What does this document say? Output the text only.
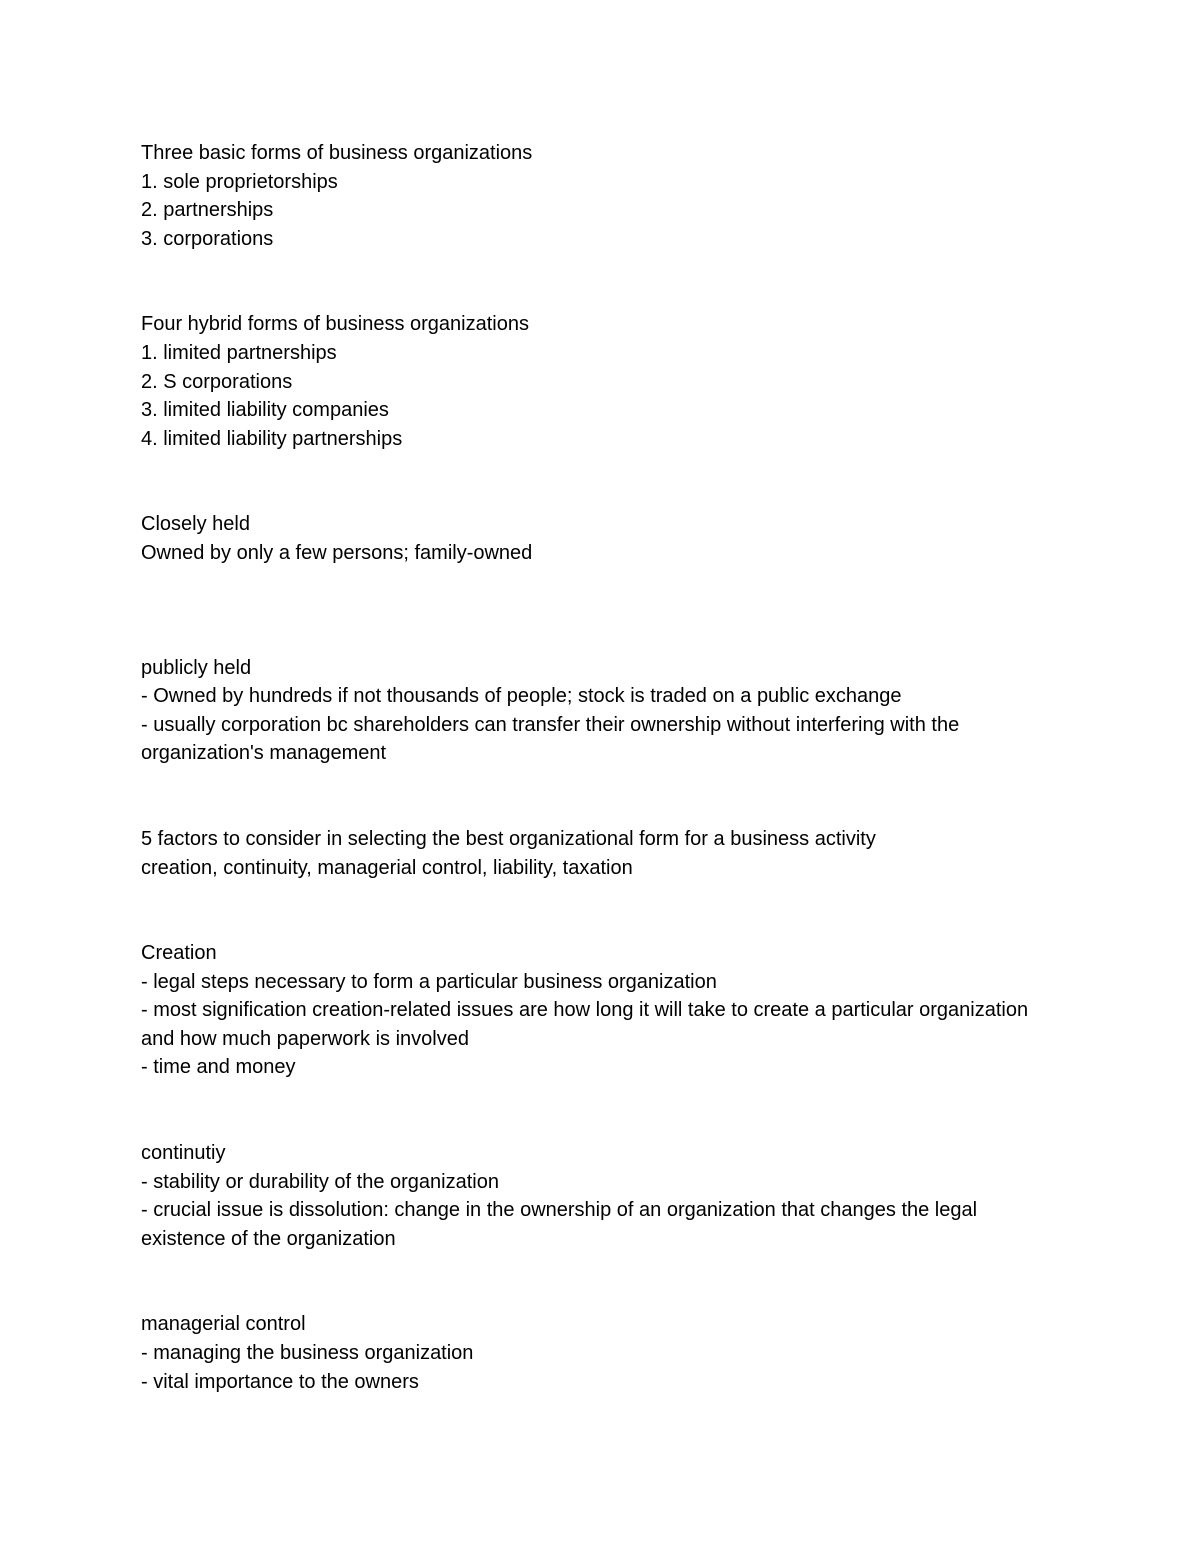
Three basic forms of business organizations
1. sole proprietorships
2. partnerships
3. corporations
Four hybrid forms of business organizations
1. limited partnerships
2. S corporations
3. limited liability companies
4. limited liability partnerships
Closely held
Owned by only a few persons; family-owned
publicly held
- Owned by hundreds if not thousands of people; stock is traded on a public exchange
- usually corporation bc shareholders can transfer their ownership without interfering with the organization's management
5 factors to consider in selecting the best organizational form for a business activity
creation, continuity, managerial control, liability, taxation
Creation
- legal steps necessary to form a particular business organization
- most signification creation-related issues are how long it will take to create a particular organization and how much paperwork is involved
- time and money
continutiy
- stability or durability of the organization
- crucial issue is dissolution: change in the ownership of an organization that changes the legal existence of the organization
managerial control
- managing the business organization
- vital importance to the owners
